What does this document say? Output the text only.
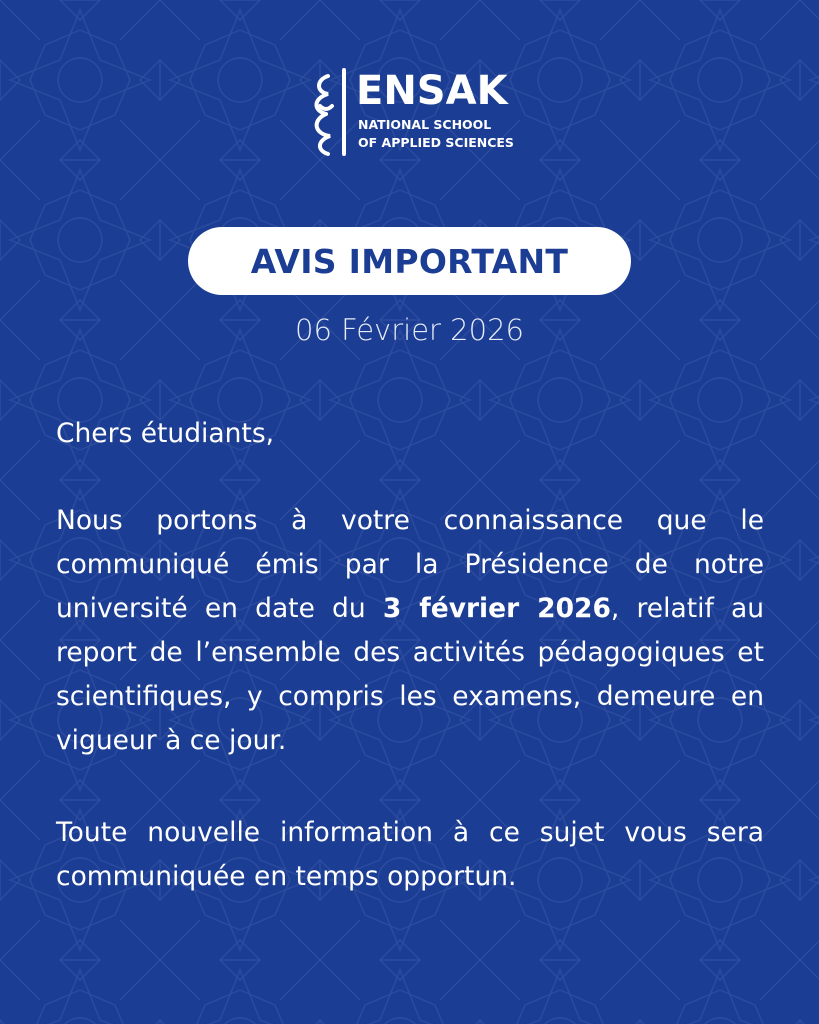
ENSAK
NATIONAL SCHOOL
OF APPLIED SCIENCES
AVIS IMPORTANT
06 Février 2026
Chers étudiants,
Nous portons à votre connaissance que le communiqué émis par la Présidence de notre université en date du 3 février 2026, relatif au report de l’ensemble des activités pédagogiques et scientifiques, y compris les examens, demeure en vigueur à ce jour.
Toute nouvelle information à ce sujet vous sera communiquée en temps opportun.
